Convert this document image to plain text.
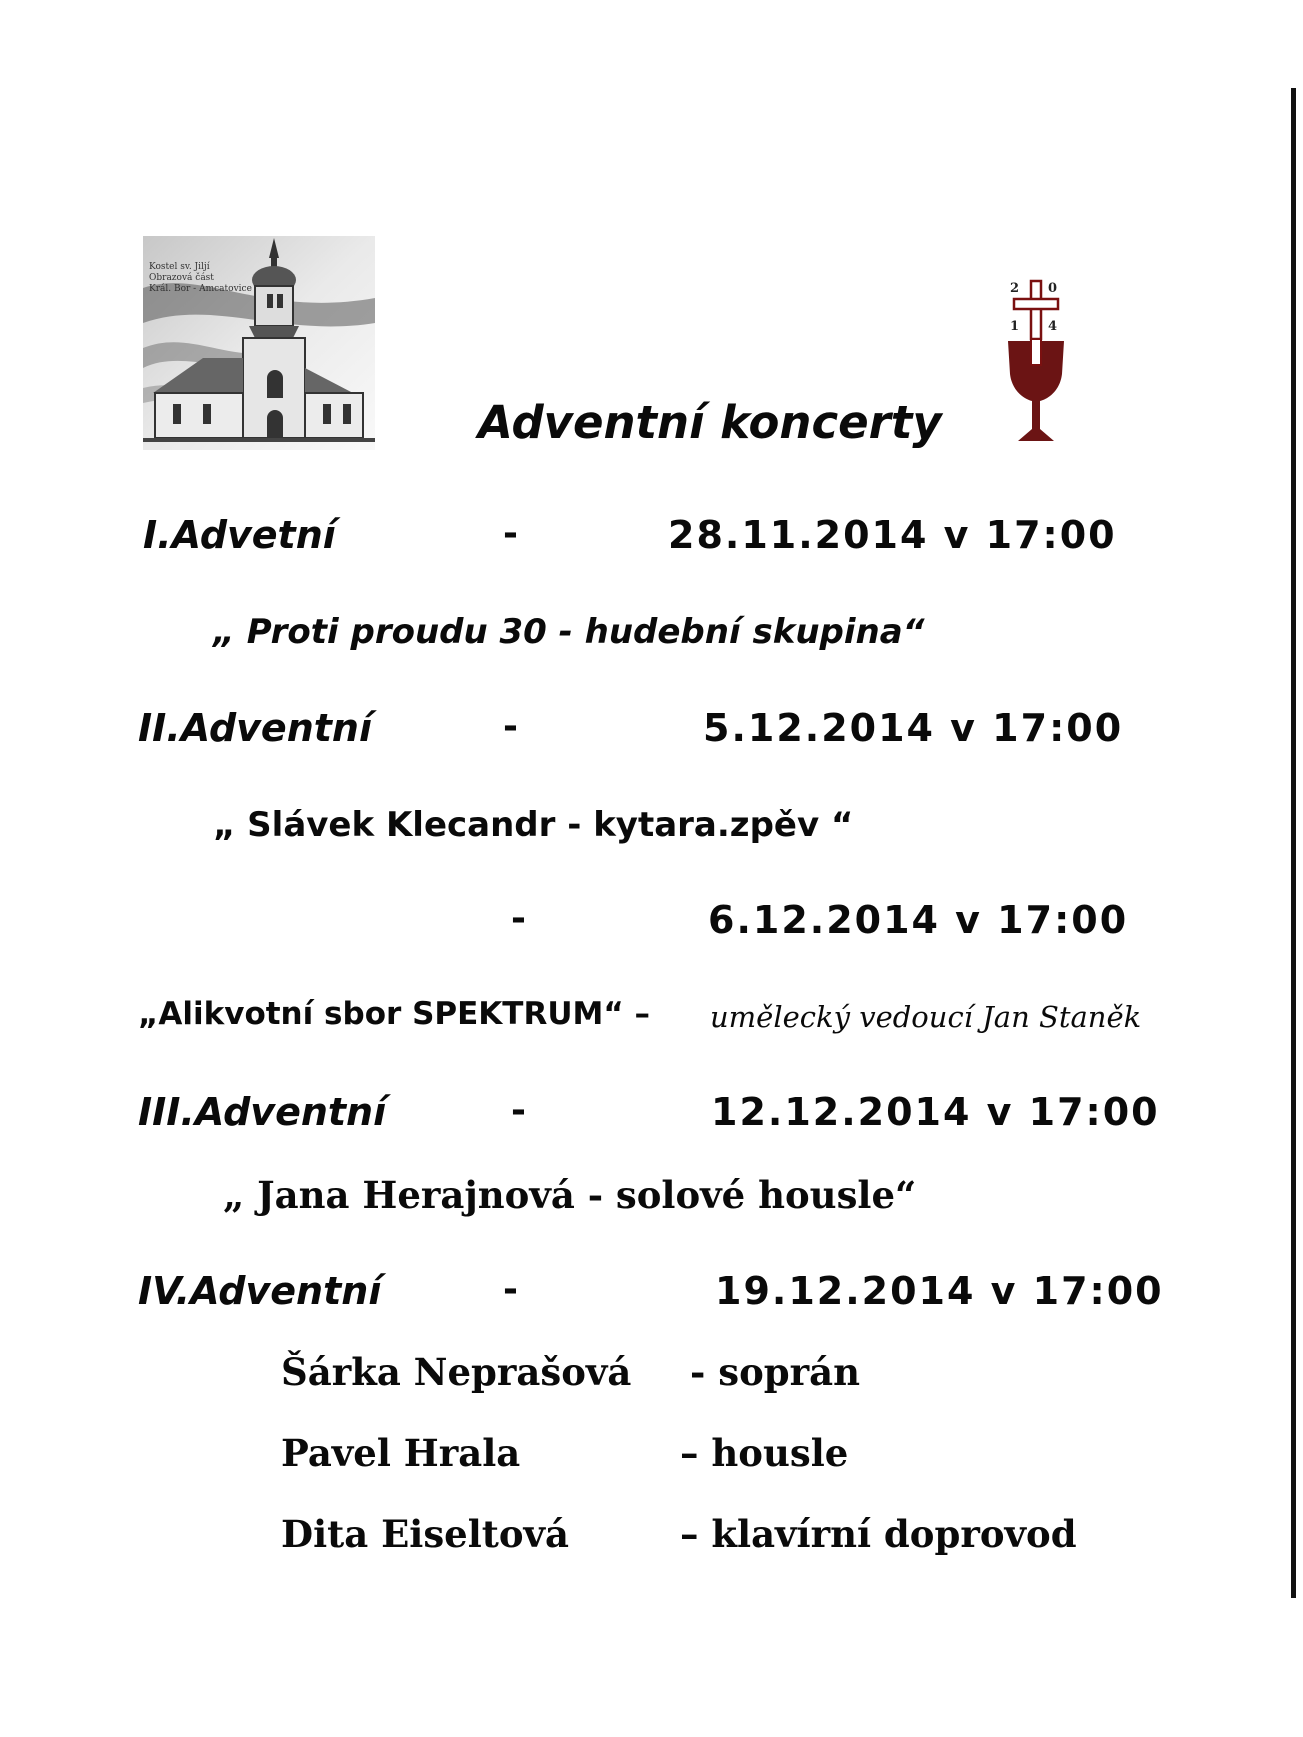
Kostel sv. Jiljí
Obrazová část
Král. Bor - Amcatovice	2 0
1 4
Adventní koncerty
I.Advetní	-	28.11.2014 v 17:00
„ Proti proudu 30 - hudební skupina“
II.Adventní	-	5.12.2014 v 17:00
„ Slávek Klecandr - kytara.zpěv “
-	6.12.2014 v 17:00
„Alikvotní sbor SPEKTRUM“ – umělecký vedoucí Jan Staněk
III.Adventní	-	12.12.2014 v 17:00
„ Jana Herajnová - solové housle“
IV.Adventní	-	19.12.2014 v 17:00
Šárka Neprašová - soprán
Pavel Hrala	– housle
Dita Eiseltová	– klavírní doprovod
